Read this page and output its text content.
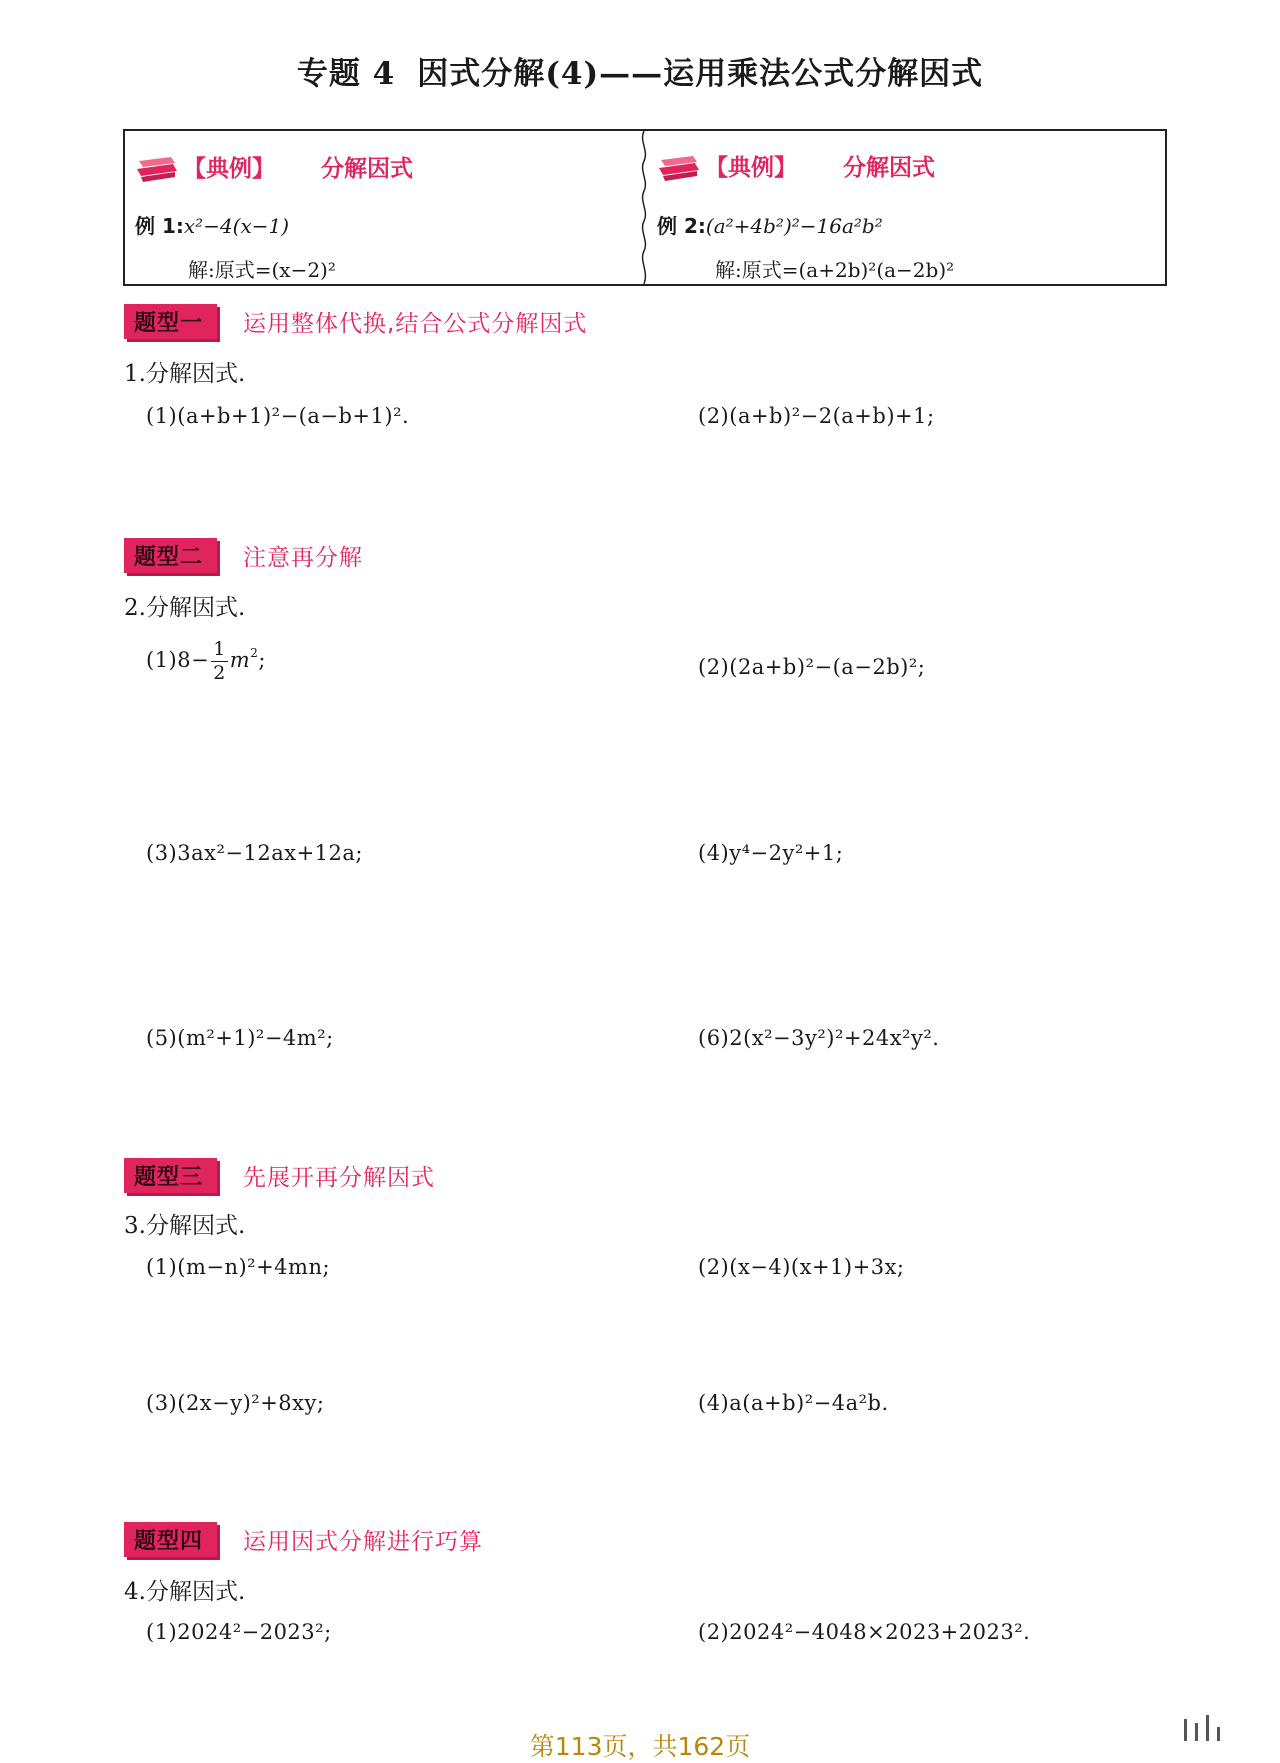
专题 4 因式分解(4)——运用乘法公式分解因式
【典例】 分解因式
例 1:x²−4(x−1)
解:原式=(x−2)²
【典例】 分解因式
例 2:(a²+4b²)²−16a²b²
解:原式=(a+2b)²(a−2b)²
题型一	运用整体代换,结合公式分解因式
1.分解因式.
(1)(a+b+1)²−(a−b+1)².	(2)(a+b)²−2(a+b)+1;
题型二	注意再分解
2.分解因式.
$(1)8- \frac{1}{2} m^2$;	(2)(2a+b)²−(a−2b)²;
(3)3ax²−12ax+12a;	(4)y⁴−2y²+1;
(5)(m²+1)²−4m²;	(6)2(x²−3y²)²+24x²y².
题型三	先展开再分解因式
3.分解因式.
(1)(m−n)²+4mn;	(2)(x−4)(x+1)+3x;
(3)(2x−y)²+8xy;	(4)a(a+b)²−4a²b.
题型四	运用因式分解进行巧算
4.分解因式.
(1)2024²−2023²;	(2)2024²−4048×2023+2023².
第113页，共162页
